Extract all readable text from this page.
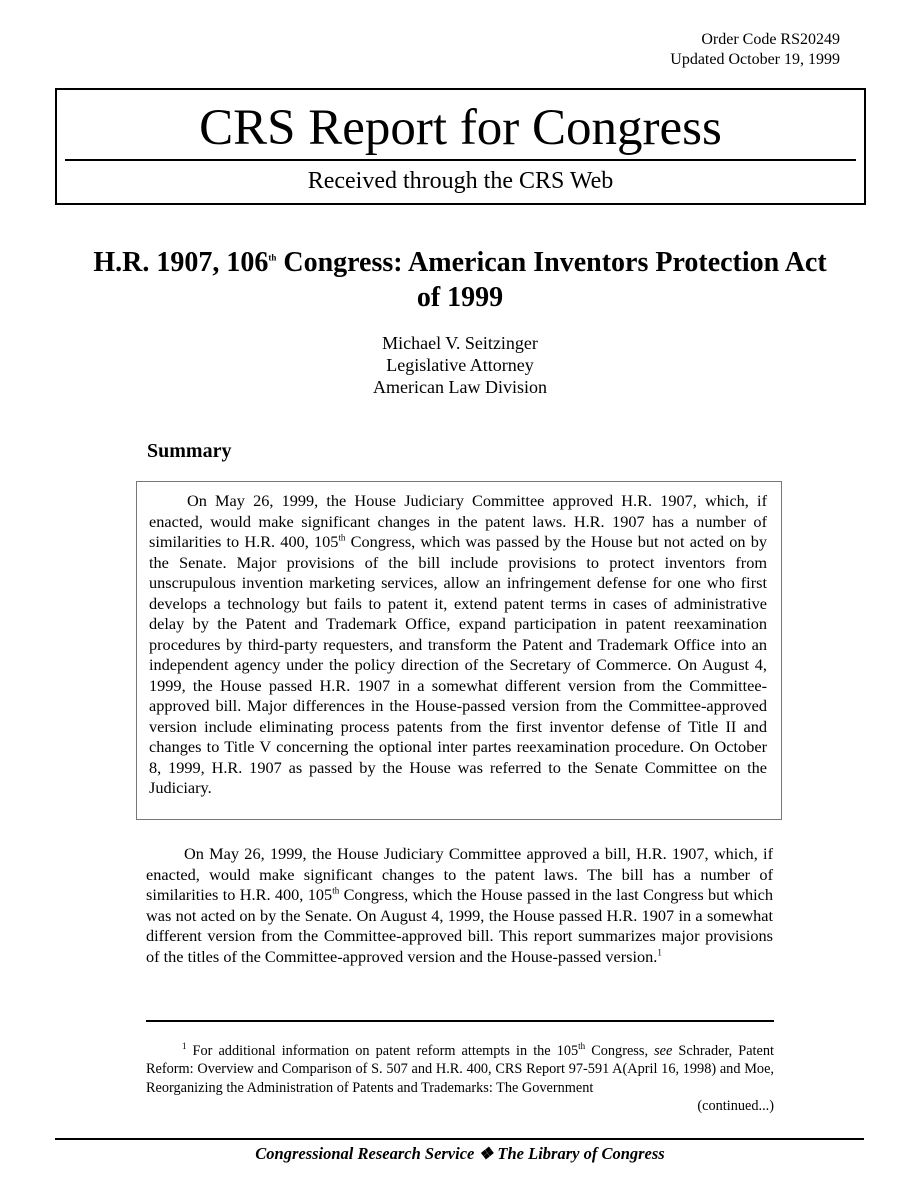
Order Code RS20249
Updated October 19, 1999
CRS Report for Congress
Received through the CRS Web
H.R. 1907, 106th Congress: American Inventors Protection Act of 1999
Michael V. Seitzinger
Legislative Attorney
American Law Division
Summary

On May 26, 1999, the House Judiciary Committee approved H.R. 1907, which, if enacted, would make significant changes in the patent laws. H.R. 1907 has a number of similarities to H.R. 400, 105th Congress, which was passed by the House but not acted on by the Senate. Major provisions of the bill include provisions to protect inventors from unscrupulous invention marketing services, allow an infringement defense for one who first develops a technology but fails to patent it, extend patent terms in cases of administrative delay by the Patent and Trademark Office, expand participation in patent reexamination procedures by third-party requesters, and transform the Patent and Trademark Office into an independent agency under the policy direction of the Secretary of Commerce. On August 4, 1999, the House passed H.R. 1907 in a somewhat different version from the Committee-approved bill. Major differences in the House-passed version from the Committee-approved version include eliminating process patents from the first inventor defense of Title II and changes to Title V concerning the optional inter partes reexamination procedure. On October 8, 1999, H.R. 1907 as passed by the House was referred to the Senate Committee on the Judiciary.

On May 26, 1999, the House Judiciary Committee approved a bill, H.R. 1907, which, if enacted, would make significant changes to the patent laws. The bill has a number of similarities to H.R. 400, 105th Congress, which the House passed in the last Congress but which was not acted on by the Senate. On August 4, 1999, the House passed H.R. 1907 in a somewhat different version from the Committee-approved bill. This report summarizes major provisions of the titles of the Committee-approved version and the House-passed version.$^1$

$^1$ For additional information on patent reform attempts in the 105th Congress, see Schrader, Patent Reform: Overview and Comparison of S. 507 and H.R. 400, CRS Report 97-591 A(April 16, 1998) and Moe, Reorganizing the Administration of Patents and Trademarks: The Government
(continued...)

Congressional Research Service ❖ The Library of Congress
